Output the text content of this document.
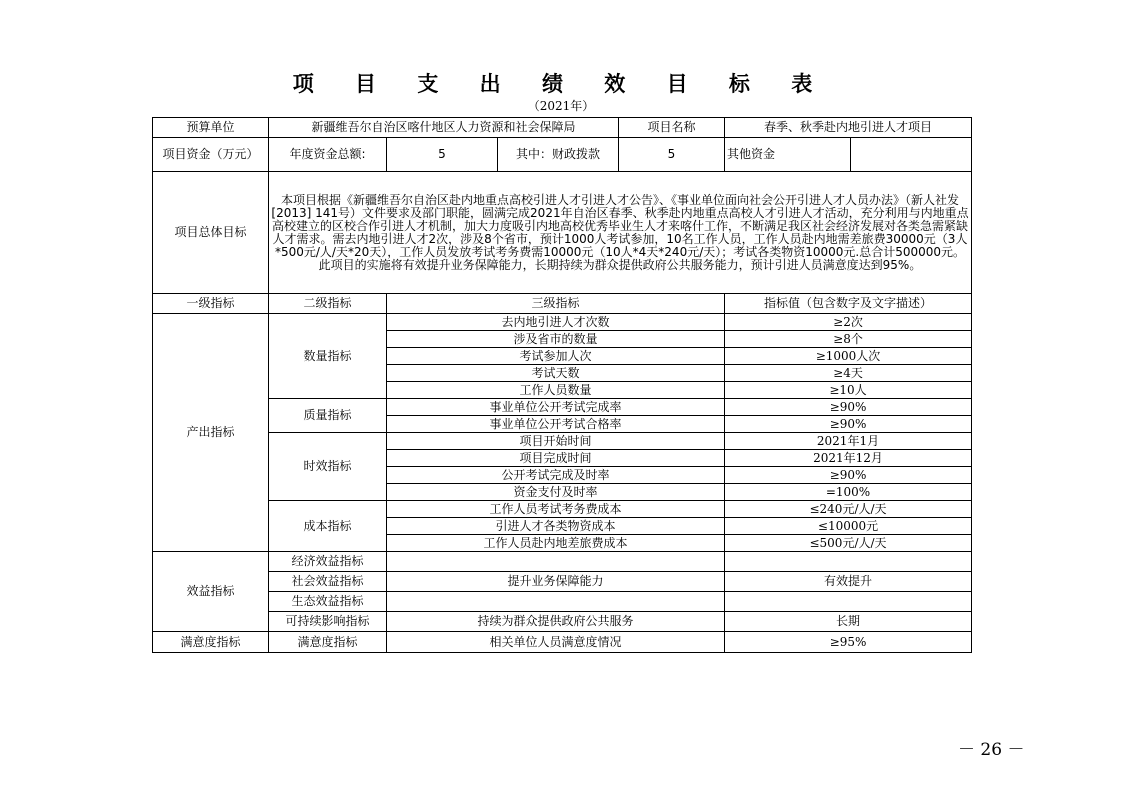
项 目 支 出 绩 效 目 标 表
（2021年）
预算单位	新疆维吾尔自治区喀什地区人力资源和社会保障局			项目名称	春季、秋季赴内地引进人才项目	
项目资金（万元）	年度资金总额:	5	其中：财政拨款	5	其他资金	
项目总体目标	本项目根据《新疆维吾尔自治区赴内地重点高校引进人才引进人才公告》、《事业单位面向社会公开引进人才人员办法》（新人社发[2013] 141号）文件要求及部门职能，圆满完成2021年自治区春季、秋季赴内地重点高校人才引进人才活动，充分利用与内地重点高校建立的区校合作引进人才机制，加大力度吸引内地高校优秀毕业生人才来喀什工作，不断满足我区社会经济发展对各类急需紧缺人才需求。需去内地引进人才2次，涉及8个省市，预计1000人考试参加，10名工作人员，工作人员赴内地需差旅费30000元（3人*500元/人/天*20天），工作人员发放考试考务费需10000元（10人*4天*240元/天）；考试各类物资10000元.总合计500000元。此项目的实施将有效提升业务保障能力，长期持续为群众提供政府公共服务能力，预计引进人员满意度达到95%。					
一级指标	二级指标	三级指标			指标值（包含数字及文字描述）	
产出指标	数量指标	去内地引进人才次数			≥2次	
		涉及省市的数量			≥8个	
		考试参加人次			≥1000人次	
		考试天数			≥4天	
		工作人员数量			≥10人	
	质量指标	事业单位公开考试完成率			≥90%	
		事业单位公开考试合格率			≥90%	
	时效指标	项目开始时间			2021年1月	
		项目完成时间			2021年12月	
		公开考试完成及时率			≥90%	
		资金支付及时率			=100%	
	成本指标	工作人员考试考务费成本			≤240元/人/天	
		引进人才各类物资成本			≤10000元	
		工作人员赴内地差旅费成本			≤500元/人/天	
效益指标	经济效益指标					
	社会效益指标	提升业务保障能力			有效提升	
	生态效益指标					
	可持续影响指标	持续为群众提供政府公共服务			长期	
满意度指标	满意度指标	相关单位人员满意度情况			≥95%	
－ 26 －
